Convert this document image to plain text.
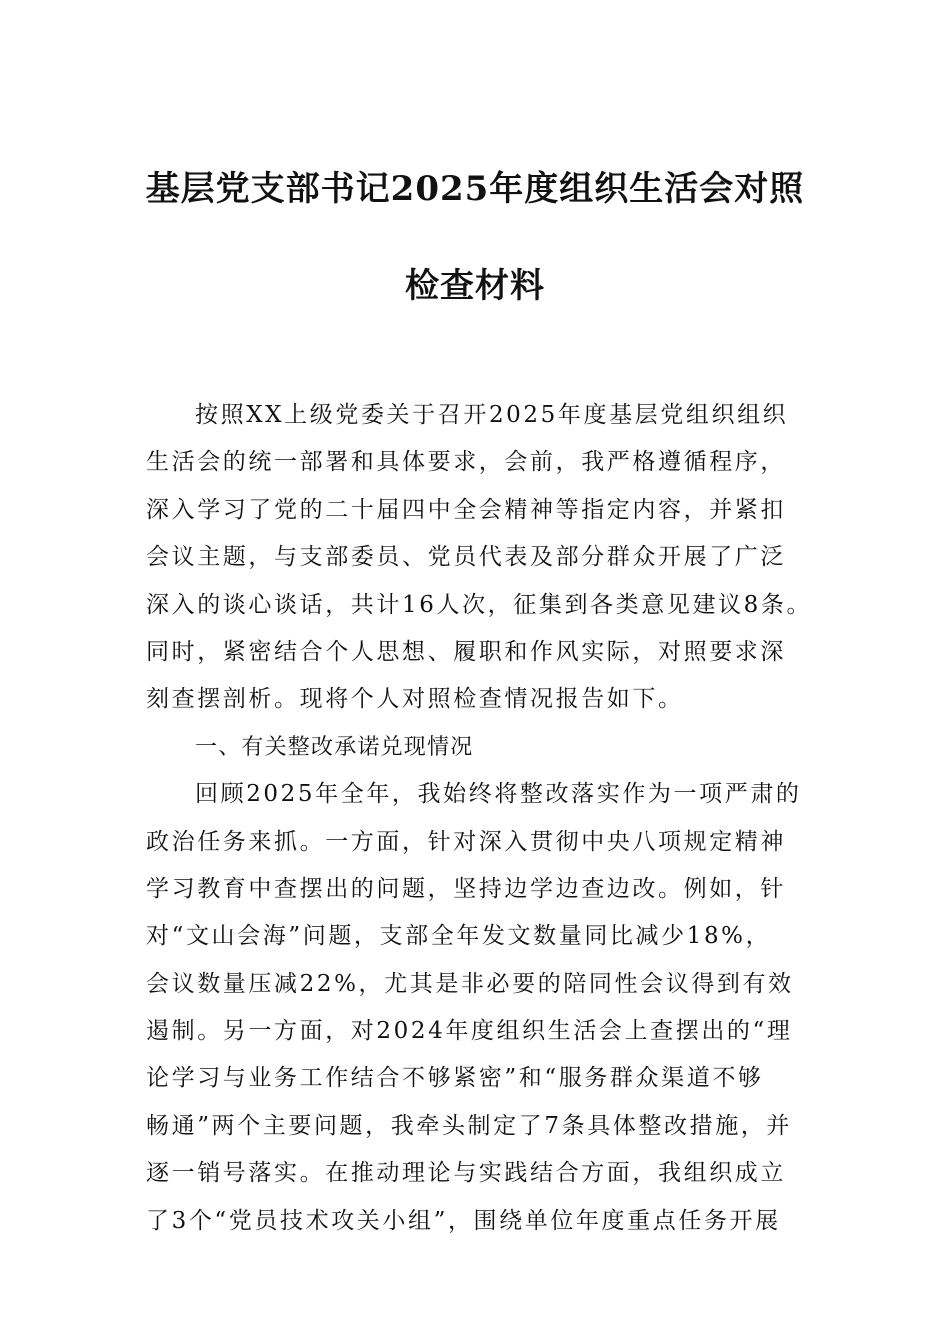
基层党支部书记2025年度组织生活会对照
检查材料
按照XX上级党委关于召开2025年度基层党组织组织
生活会的统一部署和具体要求，会前，我严格遵循程序，
深入学习了党的二十届四中全会精神等指定内容，并紧扣
会议主题，与支部委员、党员代表及部分群众开展了广泛
深入的谈心谈话，共计16人次，征集到各类意见建议8条。
同时，紧密结合个人思想、履职和作风实际，对照要求深
刻查摆剖析。现将个人对照检查情况报告如下。
一、有关整改承诺兑现情况
回顾2025年全年，我始终将整改落实作为一项严肃的
政治任务来抓。一方面，针对深入贯彻中央八项规定精神
学习教育中查摆出的问题，坚持边学边查边改。例如，针
对“文山会海”问题，支部全年发文数量同比减少18%，
会议数量压减22%，尤其是非必要的陪同性会议得到有效
遏制。另一方面，对2024年度组织生活会上查摆出的“理
论学习与业务工作结合不够紧密”和“服务群众渠道不够
畅通”两个主要问题，我牵头制定了7条具体整改措施，并
逐一销号落实。在推动理论与实践结合方面，我组织成立
了3个“党员技术攻关小组”，围绕单位年度重点任务开展
